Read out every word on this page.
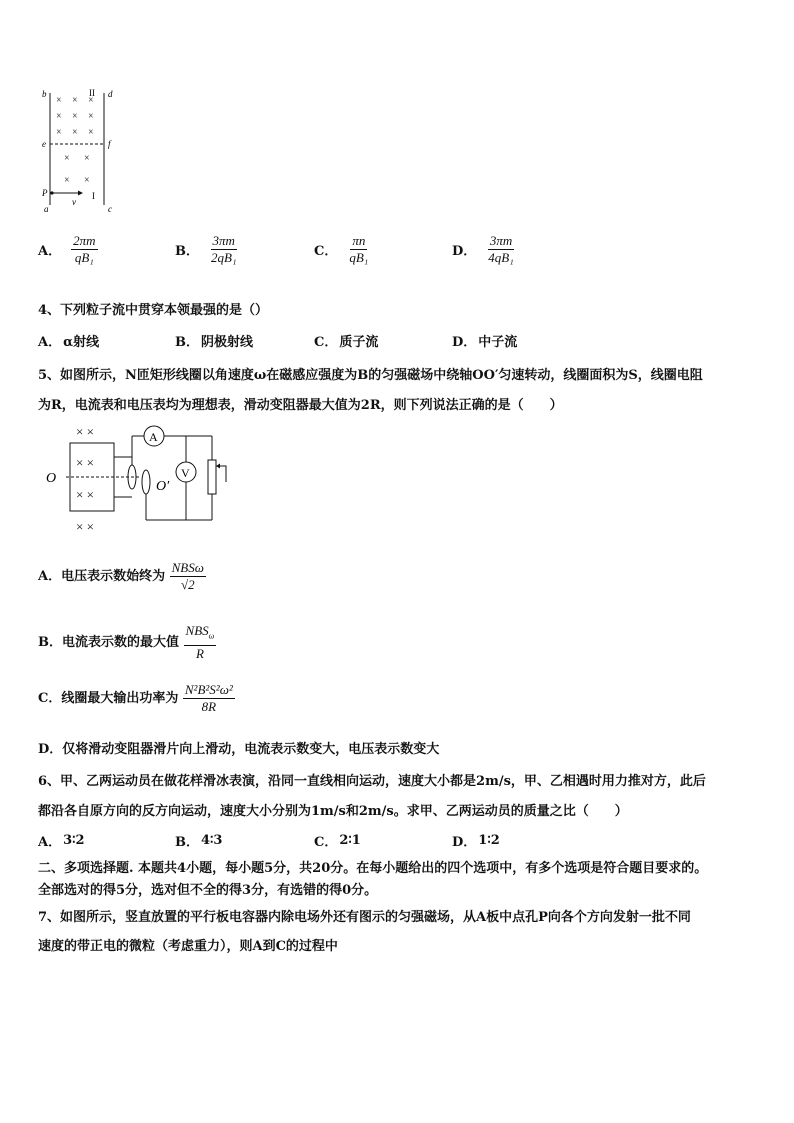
× × ×
× × ×
× × ×
× ×
× ×
b	d
II
e	f
P
v
I
a	c
A． $\frac{2\pi m}{\text{qB₁}}$	B． $\frac{3\pi m}{\text{2qB₁}}$	C． $\frac{\pi n}{\text{qB₁}}$	D． $\frac{3\pi m}{\text{4qB₁}}$
4、下列粒子流中贯穿本领最强的是（）
A． α射线	B． 阴极射线	C． 质子流	D． 中子流
5、如图所示，N匝矩形线圈以角速度ω在磁感应强度为B的匀强磁场中绕轴OO′匀速转动，线圈面积为S，线圈电阻
为R，电流表和电压表均为理想表，滑动变阻器最大值为2R，则下列说法正确的是（　　）
× ×
× ×
× ×
× ×
O
O′
A
V
A．电压表示数始终为 $\frac{\text{NBSω}}{√2}$
B．电流表示数的最大值 $\frac{NBS_\omega}{R}$
C．线圈最大输出功率为 $\frac{\text{N²B²S²ω²}}{8R}$
D．仅将滑动变阻器滑片向上滑动，电流表示数变大，电压表示数变大
6、甲、乙两运动员在做花样滑冰表演，沿同一直线相向运动，速度大小都是2m/s，甲、乙相遇时用力推对方，此后
都沿各自原方向的反方向运动，速度大小分别为1m/s和2m/s。求甲、乙两运动员的质量之比（　　）
A． 3∶2	B． 4∶3	C． 2∶1	D． 1∶2
二、多项选择题. 本题共4小题，每小题5分，共20分。在每小题给出的四个选项中，有多个选项是符合题目要求的。
全部选对的得5分，选对但不全的得3分，有选错的得0分。
7、如图所示，竖直放置的平行板电容器内除电场外还有图示的匀强磁场，从A板中点孔P向各个方向发射一批不同
速度的带正电的微粒（考虑重力），则A到C的过程中
